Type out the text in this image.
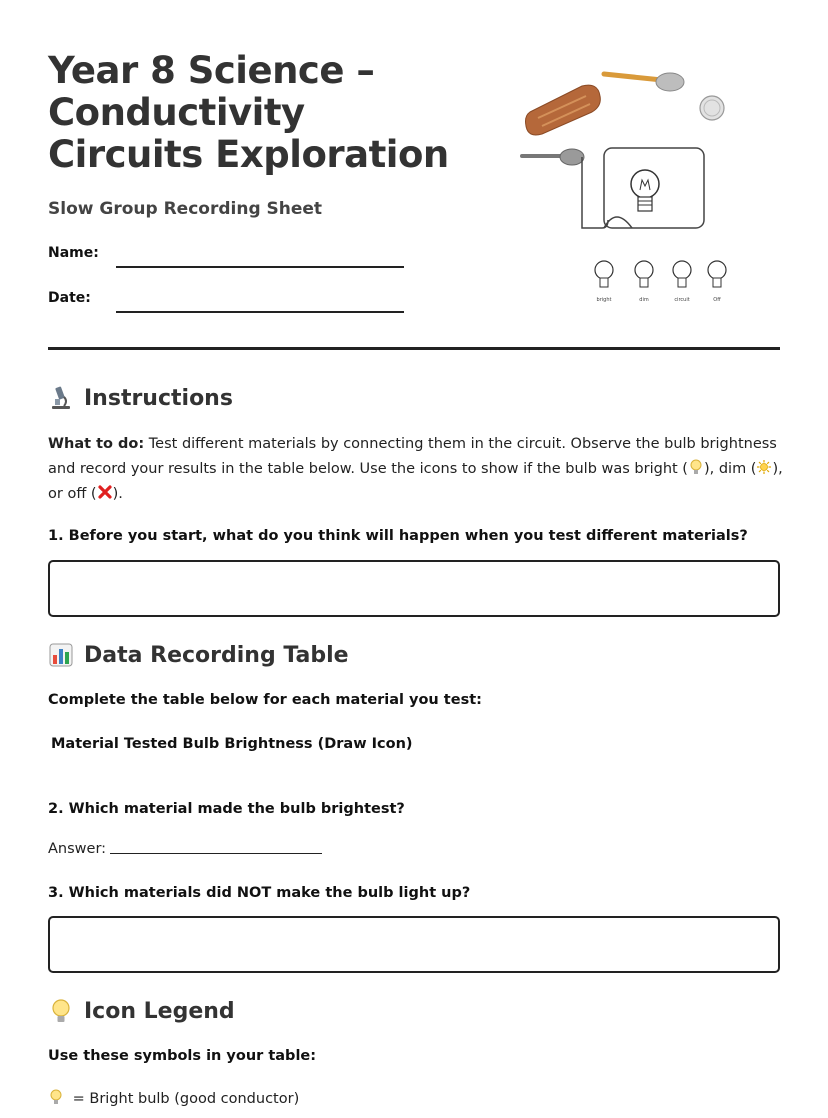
Year 8 Science – Conductivity Circuits Exploration
Slow Group Recording Sheet
Name:
Date:	bright	dim	circuit	Off
Instructions
What to do: Test different materials by connecting them in the circuit. Observe the bulb brightness and record your results in the table below. Use the icons to show if the bulb was bright ( ), dim ( ), or off ( ).
1. Before you start, what do you think will happen when you test different materials?
Data Recording Table
Complete the table below for each material you test:
Material Tested Bulb Brightness (Draw Icon)
2. Which material made the bulb brightest?
Answer:
3. Which materials did NOT make the bulb light up?
Icon Legend
Use these symbols in your table:
= Bright bulb (good conductor)
